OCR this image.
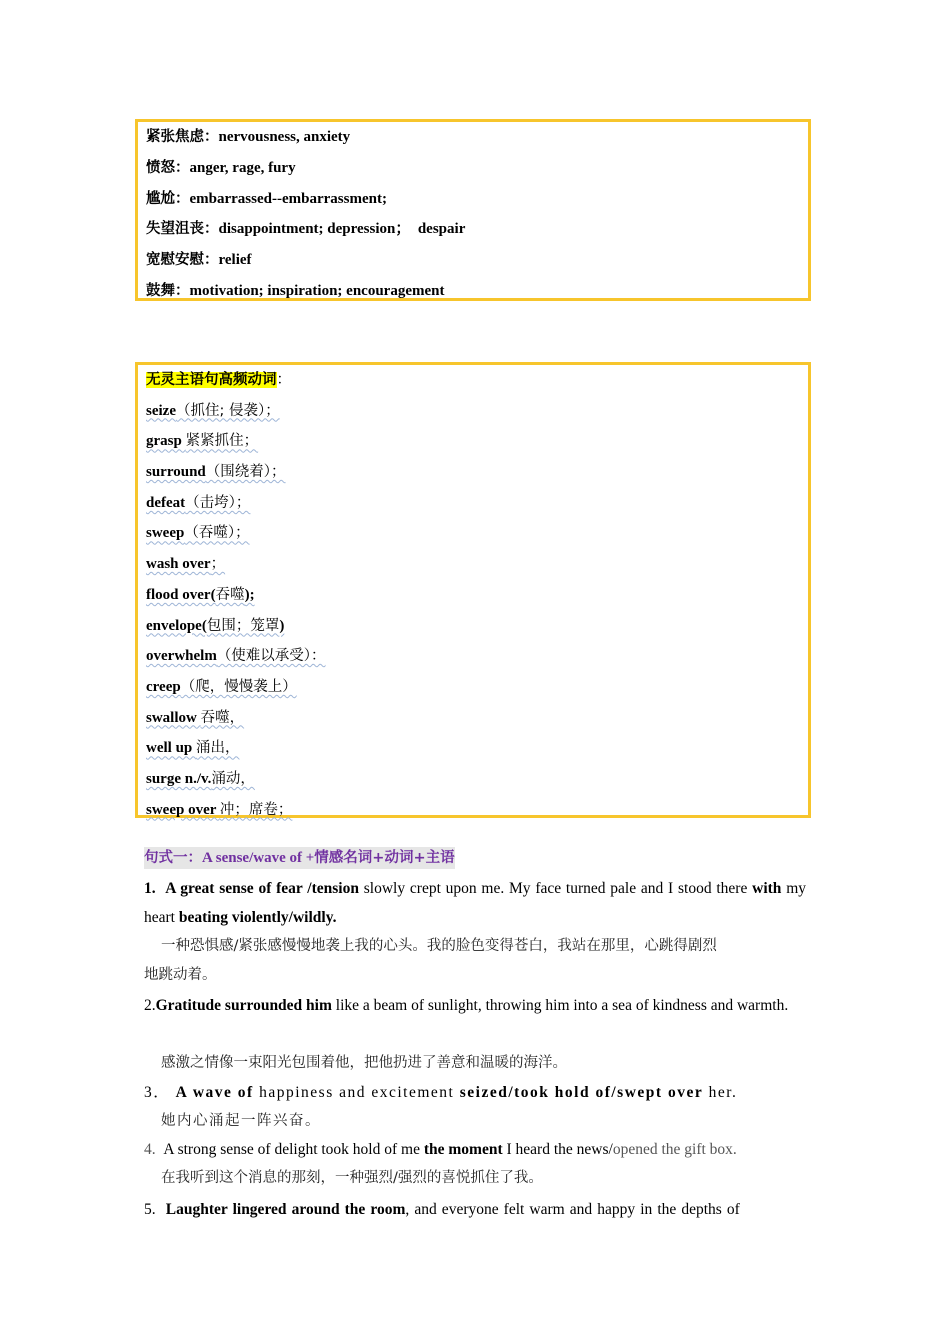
紧张焦虑：nervousness, anxiety
愤怒：anger, rage, fury
尴尬：embarrassed--embarrassment;
失望沮丧：disappointment; depression；  despair
宽慰安慰：relief
鼓舞：motivation; inspiration; encouragement
无灵主语句高频动词：
seize（抓住; 侵袭）；
grasp 紧紧抓住；
surround（围绕着）；
defeat（击垮）；
sweep（吞噬）；
wash over；
flood over(吞噬);
envelope(包围；笼罩)
overwhelm（使难以承受）：
creep（爬，慢慢袭上）
swallow 吞噬，
well up 涌出，
surge n./v.涌动，
sweep over 冲；席卷；
句式一：A sense/wave of +情感名词+动词+主语
1. A great sense of fear /tension slowly crept upon me. My face turned pale and I stood there with my heart beating violently/wildly.
一种恐惧感/紧张感慢慢地袭上我的心头。我的脸色变得苍白，我站在那里，心跳得剧烈
地跳动着。
2.Gratitude surrounded him like a beam of sunlight, throwing him into a sea of kindness and warmth.
感激之情像一束阳光包围着他，把他扔进了善意和温暖的海洋。
3． A wave of happiness and excitement seized/took hold of/swept over her.
她内心涌起一阵兴奋。
4. A strong sense of delight took hold of me the moment I heard the news/opened the gift box.
在我听到这个消息的那刻，一种强烈/强烈的喜悦抓住了我。
5. Laughter lingered around the room, and everyone felt warm and happy in the depths of
